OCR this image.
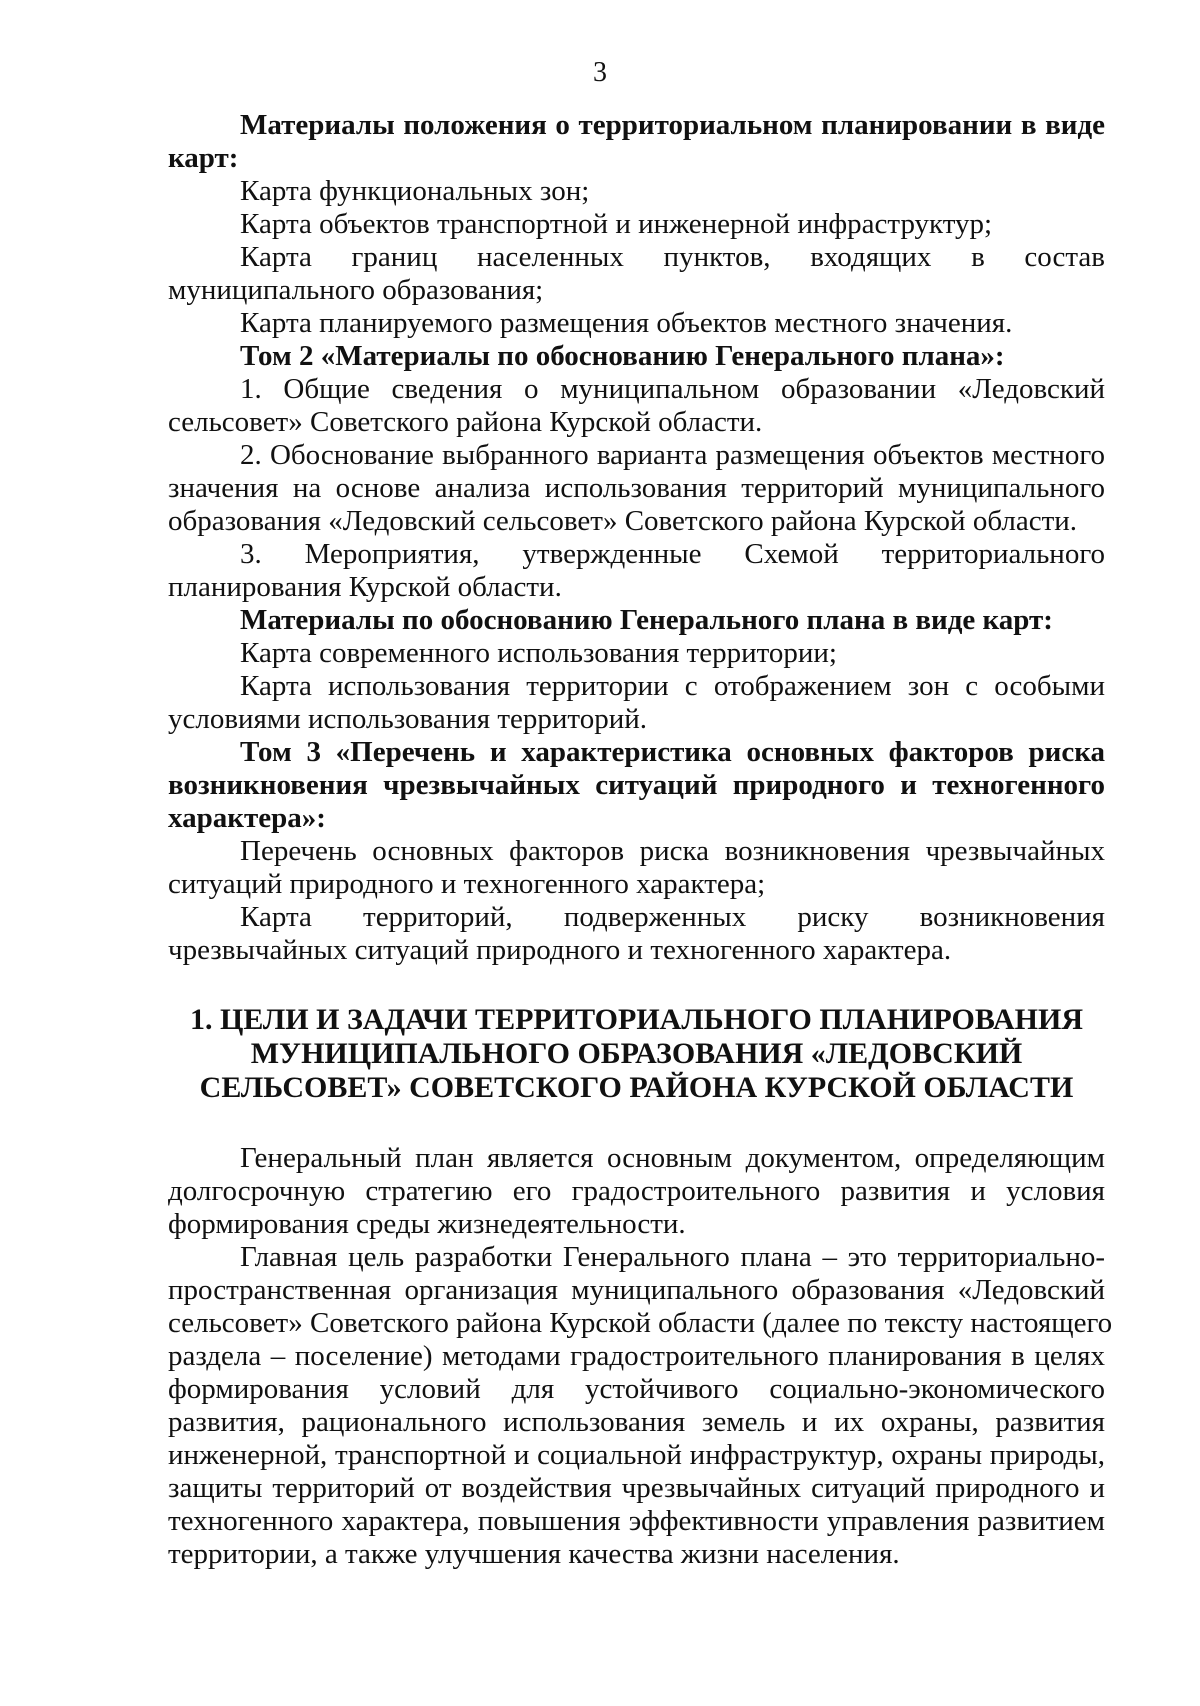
3
Материалы положения о территориальном планировании в виде
карт:
Карта функциональных зон;
Карта объектов транспортной и инженерной инфраструктур;
Карта границ населенных пунктов, входящих в состав
муниципального образования;
Карта планируемого размещения объектов местного значения.
Том 2 «Материалы по обоснованию Генерального плана»:
1. Общие сведения о муниципальном образовании «Ледовский
сельсовет» Советского района Курской области.
2. Обоснование выбранного варианта размещения объектов местного
значения на основе анализа использования территорий муниципального
образования «Ледовский сельсовет» Советского района Курской области.
3. Мероприятия, утвержденные Схемой территориального
планирования Курской области.
Материалы по обоснованию Генерального плана в виде карт:
Карта современного использования территории;
Карта использования территории с отображением зон с особыми
условиями использования территорий.
Том 3 «Перечень и характеристика основных факторов риска
возникновения чрезвычайных ситуаций природного и техногенного
характера»:
Перечень основных факторов риска возникновения чрезвычайных
ситуаций природного и техногенного характера;
Карта территорий, подверженных риску возникновения
чрезвычайных ситуаций природного и техногенного характера.
1. ЦЕЛИ И ЗАДАЧИ ТЕРРИТОРИАЛЬНОГО ПЛАНИРОВАНИЯ
МУНИЦИПАЛЬНОГО ОБРАЗОВАНИЯ «ЛЕДОВСКИЙ
СЕЛЬСОВЕТ» СОВЕТСКОГО РАЙОНА КУРСКОЙ ОБЛАСТИ
Генеральный план является основным документом, определяющим
долгосрочную стратегию его градостроительного развития и условия
формирования среды жизнедеятельности.
Главная цель разработки Генерального плана – это территориально-
пространственная организация муниципального образования «Ледовский
сельсовет» Советского района Курской области (далее по тексту настоящего
раздела – поселение) методами градостроительного планирования в целях
формирования условий для устойчивого социально-экономического
развития, рационального использования земель и их охраны, развития
инженерной, транспортной и социальной инфраструктур, охраны природы,
защиты территорий от воздействия чрезвычайных ситуаций природного и
техногенного характера, повышения эффективности управления развитием
территории, а также улучшения качества жизни населения.
